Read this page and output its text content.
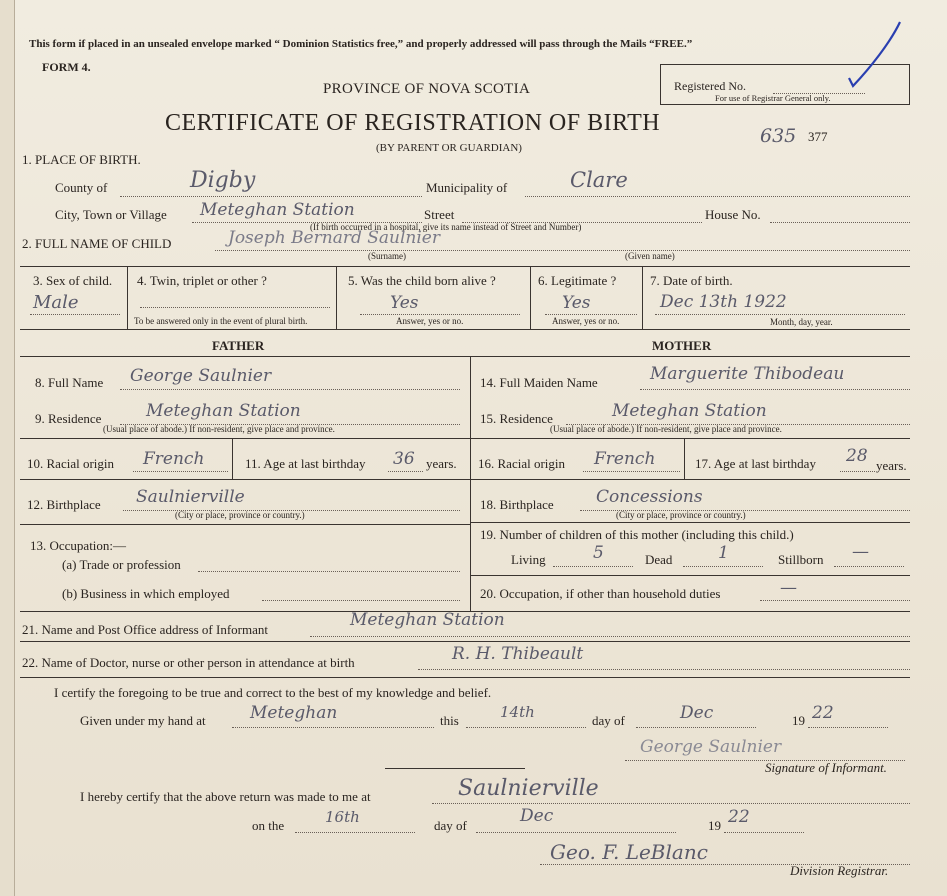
This form if placed in an unsealed envelope marked “ Dominion Statistics free,” and properly addressed will pass through the Mails “FREE.”
FORM 4.
PROVINCE OF NOVA SCOTIA
CERTIFICATE OF REGISTRATION OF BIRTH
(BY PARENT OR GUARDIAN)
Registered No.
For use of Registrar General only.
635 377
1. PLACE OF BIRTH.
County of	Digby	Municipality of	Clare
City, Town or Village Meteghan Station	Street	House No.
(If birth occurred in a hospital, give its name instead of Street and Number)
2. FULL NAME OF CHILD	Joseph Bernard Saulnier
(Surname)	(Given name)
3. Sex of child.
Male
4. Twin, triplet or other ?
To be answered only in the event of plural birth.
5. Was the child born alive ?
Yes
Answer, yes or no.
6. Legitimate ?
Yes
Answer, yes or no.
7. Date of birth.
Dec 13th 1922
Month, day, year.
FATHER	MOTHER
8. Full Name George Saulnier
9. Residence	Meteghan Station
(Usual place of abode.) If non-resident, give place and province.
10. Racial origin French	11. Age at last birthday 36 years.
12. Birthplace Saulnierville
(City or place, province or country.)
13. Occupation:—
(a) Trade or profession
(b) Business in which employed
14. Full Maiden Name	Marguerite Thibodeau
15. Residence	Meteghan Station
(Usual place of abode.) If non-resident, give place and province.
16. Racial origin French	17. Age at last birthday 28 years.
18. Birthplace Concessions
(City or place, province or country.)
19. Number of children of this mother (including this child.)
Living	5	Dead	1	Stillborn —
20. Occupation, if other than household duties	—
21. Name and Post Office address of Informant	Meteghan Station
22. Name of Doctor, nurse or other person in attendance at birth	R. H. Thibeault
I certify the foregoing to be true and correct to the best of my knowledge and belief.
Given under my hand at	Meteghan	this	14th	day of	Dec	19 22
George Saulnier
Signature of Informant.
I hereby certify that the above return was made to me at	Saulnierville
on the	16th	day of	Dec	19 22
Geo. F. LeBlanc
Division Registrar.
